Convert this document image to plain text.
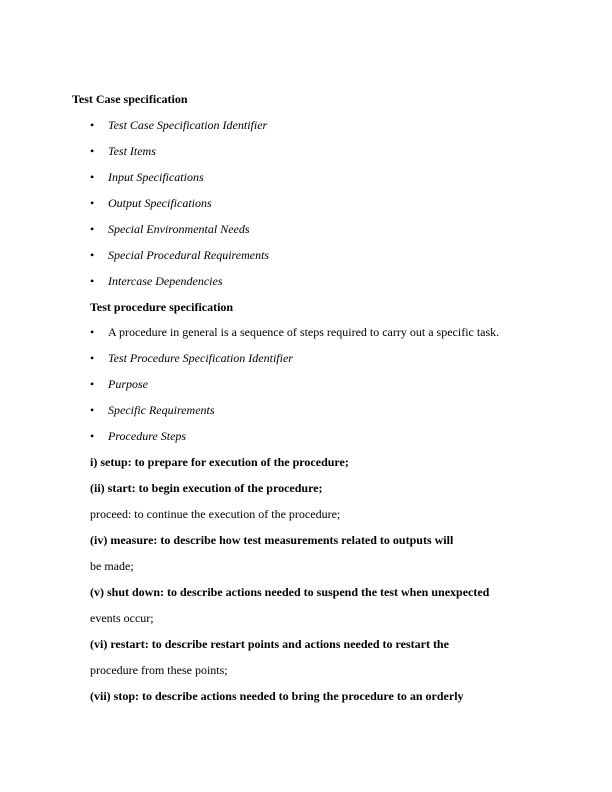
Test Case specification
• Test Case Specification Identifier
• Test Items
• Input Specifications
• Output Specifications
• Special Environmental Needs
• Special Procedural Requirements
• Intercase Dependencies
Test procedure specification
• A procedure in general is a sequence of steps required to carry out a specific task.
• Test Procedure Specification Identifier
• Purpose
• Specific Requirements
• Procedure Steps
i) setup: to prepare for execution of the procedure;
(ii) start: to begin execution of the procedure;
proceed: to continue the execution of the procedure;
(iv) measure: to describe how test measurements related to outputs will
be made;
(v) shut down: to describe actions needed to suspend the test when unexpected
events occur;
(vi) restart: to describe restart points and actions needed to restart the
procedure from these points;
(vii) stop: to describe actions needed to bring the procedure to an orderly
